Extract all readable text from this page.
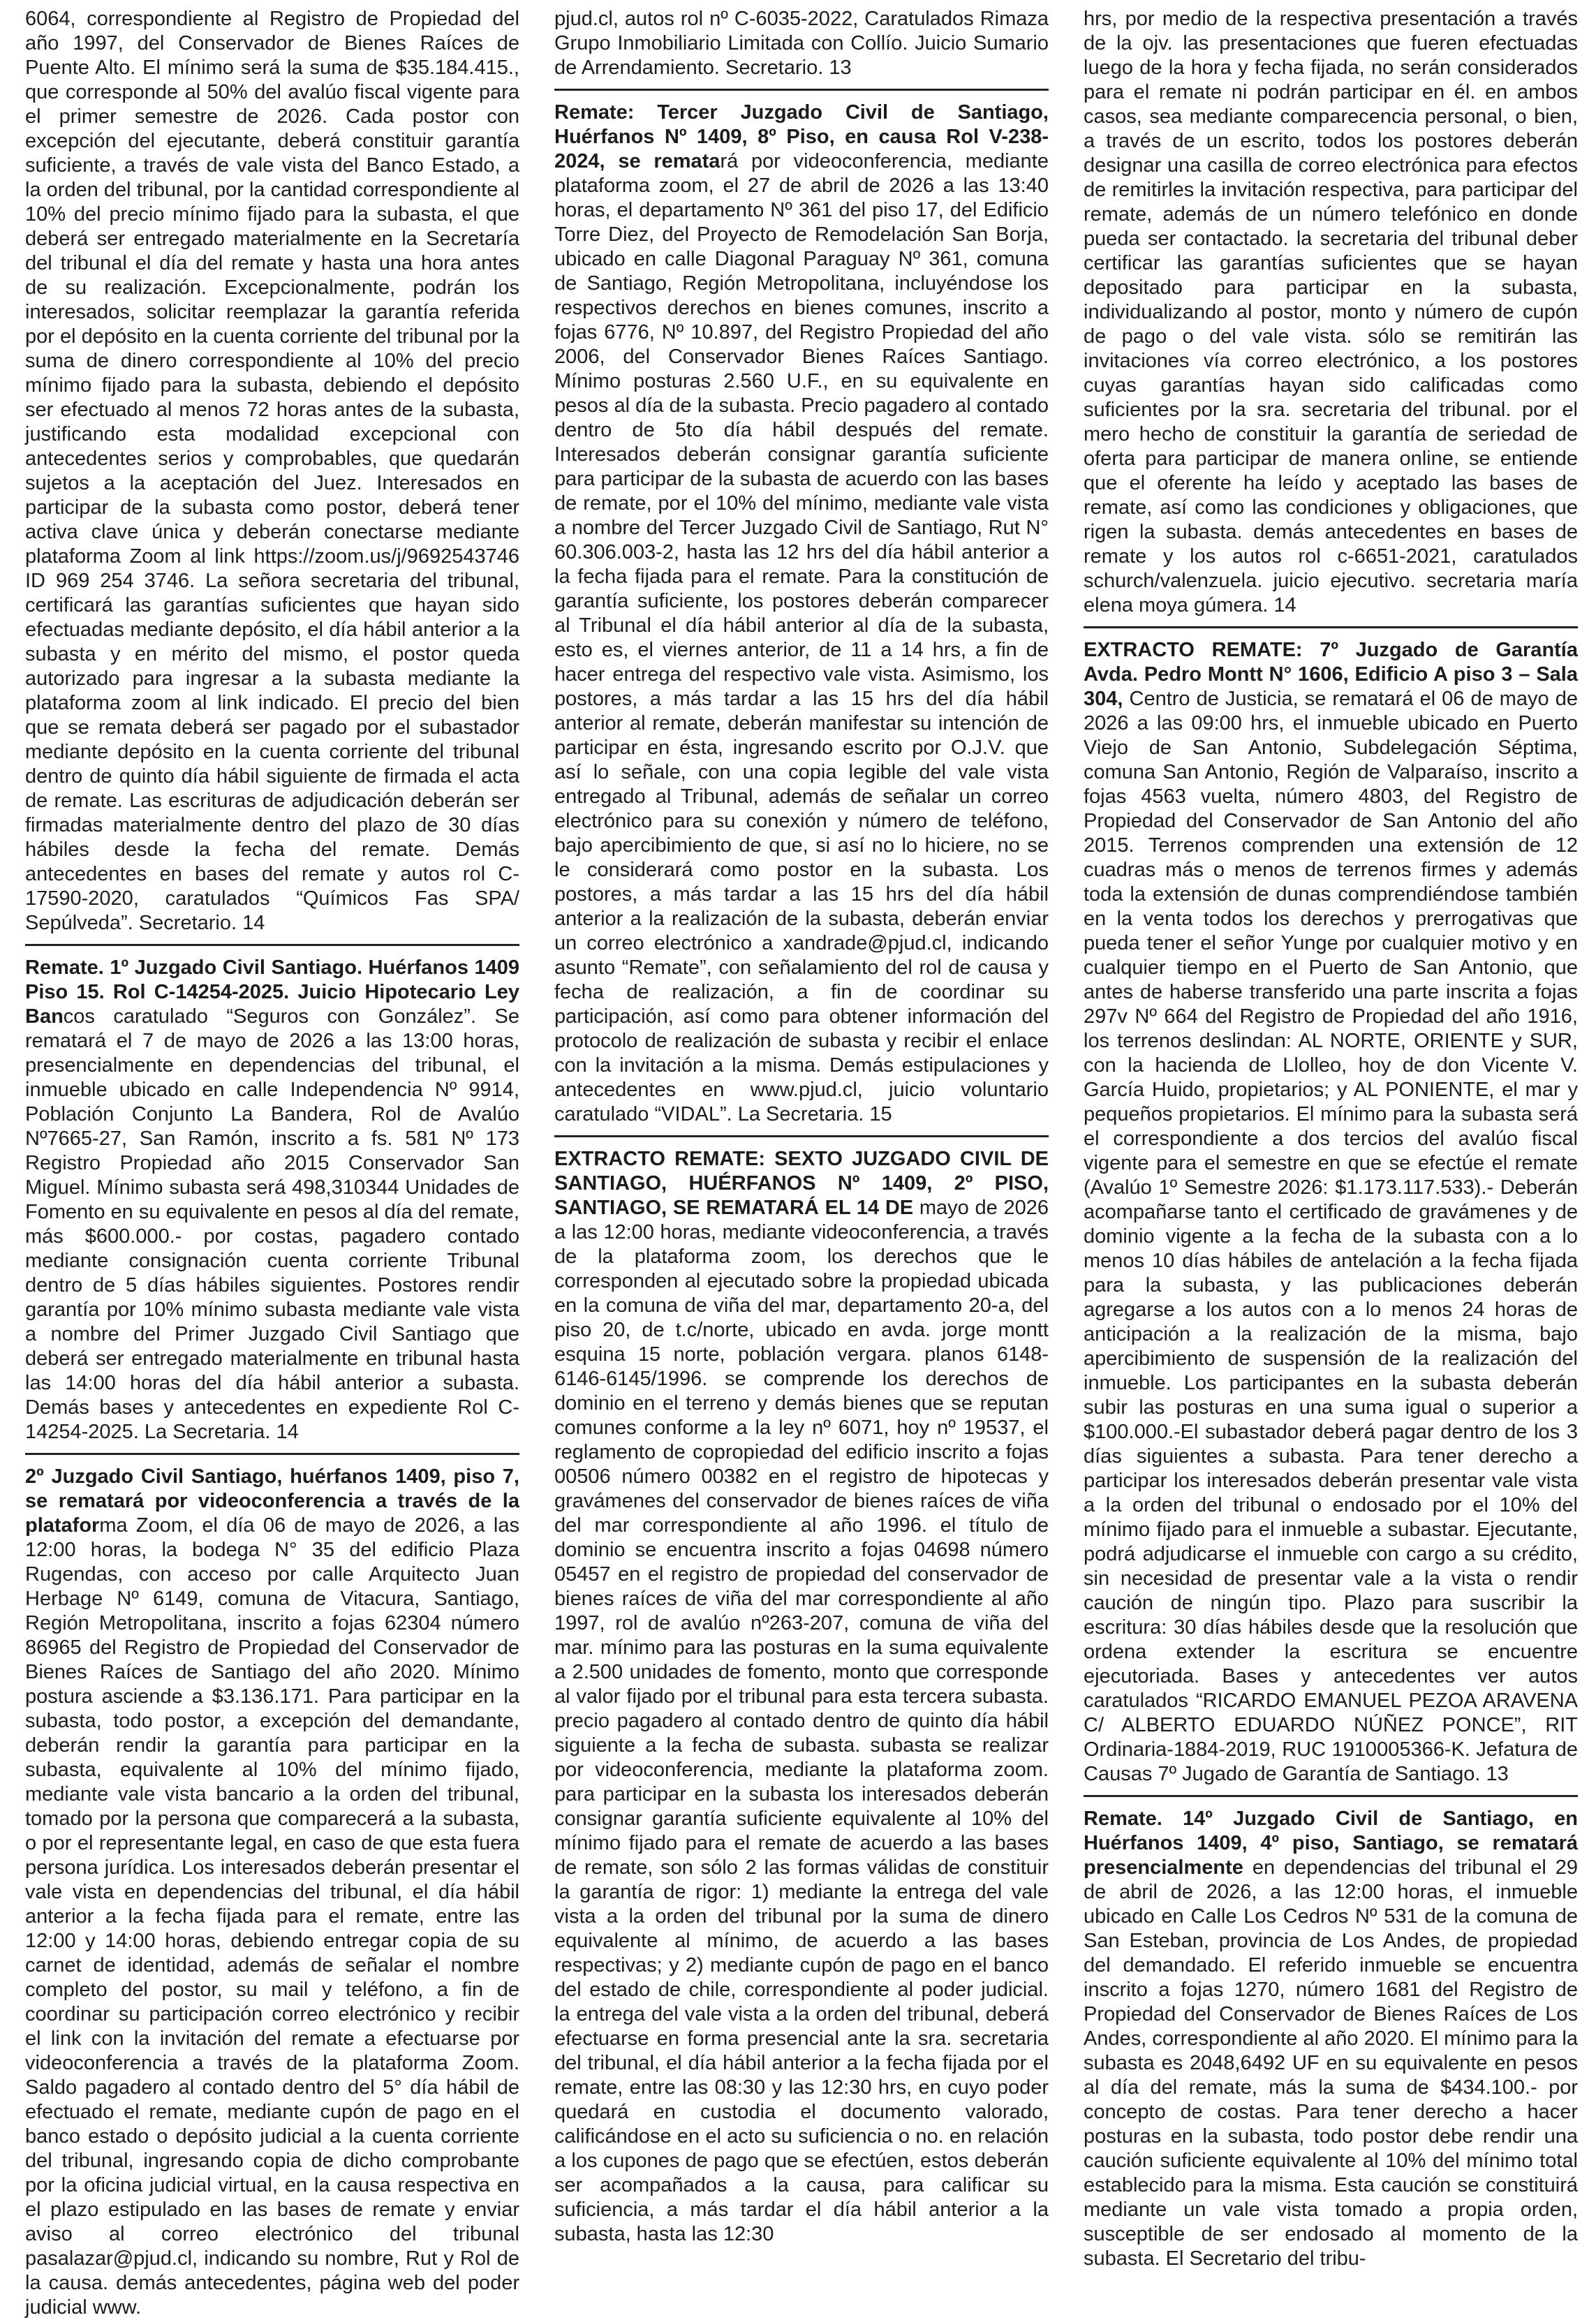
6064, correspondiente al Registro de Propiedad del año 1997, del Conservador de Bienes Raíces de Puente Alto. El mínimo será la suma de $35.184.415., que corresponde al 50% del avalúo fiscal vigente para el primer semestre de 2026. Cada postor con excepción del ejecutante, deberá constituir garantía suficiente, a través de vale vista del Banco Estado, a la orden del tribunal, por la cantidad correspondiente al 10% del precio mínimo fijado para la subasta, el que deberá ser entregado materialmente en la Secretaría del tribunal el día del remate y hasta una hora antes de su realización. Excepcionalmente, podrán los interesados, solicitar reemplazar la garantía referida por el depósito en la cuenta corriente del tribunal por la suma de dinero correspondiente al 10% del precio mínimo fijado para la subasta, debiendo el depósito ser efectuado al menos 72 horas antes de la subasta, justificando esta modalidad excepcional con antecedentes serios y comprobables, que quedarán sujetos a la aceptación del Juez. Interesados en participar de la subasta como postor, deberá tener activa clave única y deberán conectarse mediante plataforma Zoom al link https://zoom.us/j/9692543746 ID 969 254 3746. La señora secretaria del tribunal, certificará las garantías suficientes que hayan sido efectuadas mediante depósito, el día hábil anterior a la subasta y en mérito del mismo, el postor queda autorizado para ingresar a la subasta mediante la plataforma zoom al link indicado. El precio del bien que se remata deberá ser pagado por el subastador mediante depósito en la cuenta corriente del tribunal dentro de quinto día hábil siguiente de firmada el acta de remate. Las escrituras de adjudicación deberán ser firmadas materialmente dentro del plazo de 30 días hábiles desde la fecha del remate. Demás antecedentes en bases del remate y autos rol C-17590-2020, caratulados “Químicos Fas SPA/ Sepúlveda”. Secretario. 14

Remate. 1º Juzgado Civil Santiago. Huérfanos 1409 Piso 15. Rol C-14254-2025. Juicio Hipotecario Ley Bancos caratulado “Seguros con González”. Se rematará el 7 de mayo de 2026 a las 13:00 horas, presencialmente en dependencias del tribunal, el inmueble ubicado en calle Independencia Nº 9914, Población Conjunto La Bandera, Rol de Avalúo Nº7665-27, San Ramón, inscrito a fs. 581 Nº 173 Registro Propiedad año 2015 Conservador San Miguel. Mínimo subasta será 498,310344 Unidades de Fomento en su equivalente en pesos al día del remate, más $600.000.- por costas, pagadero contado mediante consignación cuenta corriente Tribunal dentro de 5 días hábiles siguientes. Postores rendir garantía por 10% mínimo subasta mediante vale vista a nombre del Primer Juzgado Civil Santiago que deberá ser entregado materialmente en tribunal hasta las 14:00 horas del día hábil anterior a subasta. Demás bases y antecedentes en expediente Rol C-14254-2025. La Secretaria. 14

2º Juzgado Civil Santiago, huérfanos 1409, piso 7, se rematará por videoconferencia a través de la plataforma Zoom, el día 06 de mayo de 2026, a las 12:00 horas, la bodega N° 35 del edificio Plaza Rugendas, con acceso por calle Arquitecto Juan Herbage Nº 6149, comuna de Vitacura, Santiago, Región Metropolitana, inscrito a fojas 62304 número 86965 del Registro de Propiedad del Conservador de Bienes Raíces de Santiago del año 2020. Mínimo postura asciende a $3.136.171. Para participar en la subasta, todo postor, a excepción del demandante, deberán rendir la garantía para participar en la subasta, equivalente al 10% del mínimo fijado, mediante vale vista bancario a la orden del tribunal, tomado por la persona que comparecerá a la subasta, o por el representante legal, en caso de que esta fuera persona jurídica. Los interesados deberán presentar el vale vista en dependencias del tribunal, el día hábil anterior a la fecha fijada para el remate, entre las 12:00 y 14:00 horas, debiendo entregar copia de su carnet de identidad, además de señalar el nombre completo del postor, su mail y teléfono, a fin de coordinar su participación correo electrónico y recibir el link con la invitación del remate a efectuarse por videoconferencia a través de la plataforma Zoom. Saldo pagadero al contado dentro del 5° día hábil de efectuado el remate, mediante cupón de pago en el banco estado o depósito judicial a la cuenta corriente del tribunal, ingresando copia de dicho comprobante por la oficina judicial virtual, en la causa respectiva en el plazo estipulado en las bases de remate y enviar aviso al correo electrónico del tribunal pasalazar@pjud.cl, indicando su nombre, Rut y Rol de la causa. demás antecedentes, página web del poder judicial www.

pjud.cl, autos rol nº C-6035-2022, Caratulados Rimaza Grupo Inmobiliario Limitada con Collío. Juicio Sumario de Arrendamiento. Secretario. 13

Remate: Tercer Juzgado Civil de Santiago, Huérfanos Nº 1409, 8º Piso, en causa Rol V-238-2024, se rematará por videoconferencia, mediante plataforma zoom, el 27 de abril de 2026 a las 13:40 horas, el departamento Nº 361 del piso 17, del Edificio Torre Diez, del Proyecto de Remodelación San Borja, ubicado en calle Diagonal Paraguay Nº 361, comuna de Santiago, Región Metropolitana, incluyéndose los respectivos derechos en bienes comunes, inscrito a fojas 6776, Nº 10.897, del Registro Propiedad del año 2006, del Conservador Bienes Raíces Santiago. Mínimo posturas 2.560 U.F., en su equivalente en pesos al día de la subasta. Precio pagadero al contado dentro de 5to día hábil después del remate. Interesados deberán consignar garantía suficiente para participar de la subasta de acuerdo con las bases de remate, por el 10% del mínimo, mediante vale vista a nombre del Tercer Juzgado Civil de Santiago, Rut N° 60.306.003-2, hasta las 12 hrs del día hábil anterior a la fecha fijada para el remate. Para la constitución de garantía suficiente, los postores deberán comparecer al Tribunal el día hábil anterior al día de la subasta, esto es, el viernes anterior, de 11 a 14 hrs, a fin de hacer entrega del respectivo vale vista. Asimismo, los postores, a más tardar a las 15 hrs del día hábil anterior al remate, deberán manifestar su intención de participar en ésta, ingresando escrito por O.J.V. que así lo señale, con una copia legible del vale vista entregado al Tribunal, además de señalar un correo electrónico para su conexión y número de teléfono, bajo apercibimiento de que, si así no lo hiciere, no se le considerará como postor en la subasta. Los postores, a más tardar a las 15 hrs del día hábil anterior a la realización de la subasta, deberán enviar un correo electrónico a xandrade@pjud.cl, indicando asunto “Remate”, con señalamiento del rol de causa y fecha de realización, a fin de coordinar su participación, así como para obtener información del protocolo de realización de subasta y recibir el enlace con la invitación a la misma. Demás estipulaciones y antecedentes en www.pjud.cl, juicio voluntario caratulado “VIDAL”. La Secretaria. 15

EXTRACTO REMATE: SEXTO JUZGADO CIVIL DE SANTIAGO, HUÉRFANOS Nº 1409, 2º PISO, SANTIAGO, SE REMATARÁ EL 14 DE mayo de 2026 a las 12:00 horas, mediante videoconferencia, a través de la plataforma zoom, los derechos que le corresponden al ejecutado sobre la propiedad ubicada en la comuna de viña del mar, departamento 20-a, del piso 20, de t.c/norte, ubicado en avda. jorge montt esquina 15 norte, población vergara. planos 6148-6146-6145/1996. se comprende los derechos de dominio en el terreno y demás bienes que se reputan comunes conforme a la ley nº 6071, hoy nº 19537, el reglamento de copropiedad del edificio inscrito a fojas 00506 número 00382 en el registro de hipotecas y gravámenes del conservador de bienes raíces de viña del mar correspondiente al año 1996. el título de dominio se encuentra inscrito a fojas 04698 número 05457 en el registro de propiedad del conservador de bienes raíces de viña del mar correspondiente al año 1997, rol de avalúo nº263-207, comuna de viña del mar. mínimo para las posturas en la suma equivalente a 2.500 unidades de fomento, monto que corresponde al valor fijado por el tribunal para esta tercera subasta. precio pagadero al contado dentro de quinto día hábil siguiente a la fecha de subasta. subasta se realizar por videoconferencia, mediante la plataforma zoom. para participar en la subasta los interesados deberán consignar garantía suficiente equivalente al 10% del mínimo fijado para el remate de acuerdo a las bases de remate, son sólo 2 las formas válidas de constituir la garantía de rigor: 1) mediante la entrega del vale vista a la orden del tribunal por la suma de dinero equivalente al mínimo, de acuerdo a las bases respectivas; y 2) mediante cupón de pago en el banco del estado de chile, correspondiente al poder judicial. la entrega del vale vista a la orden del tribunal, deberá efectuarse en forma presencial ante la sra. secretaria del tribunal, el día hábil anterior a la fecha fijada por el remate, entre las 08:30 y las 12:30 hrs, en cuyo poder quedará en custodia el documento valorado, calificándose en el acto su suficiencia o no. en relación a los cupones de pago que se efectúen, estos deberán ser acompañados a la causa, para calificar su suficiencia, a más tardar el día hábil anterior a la subasta, hasta las 12:30

hrs, por medio de la respectiva presentación a través de la ojv. las presentaciones que fueren efectuadas luego de la hora y fecha fijada, no serán considerados para el remate ni podrán participar en él. en ambos casos, sea mediante comparecencia personal, o bien, a través de un escrito, todos los postores deberán designar una casilla de correo electrónica para efectos de remitirles la invitación respectiva, para participar del remate, además de un número telefónico en donde pueda ser contactado. la secretaria del tribunal deber certificar las garantías suficientes que se hayan depositado para participar en la subasta, individualizando al postor, monto y número de cupón de pago o del vale vista. sólo se remitirán las invitaciones vía correo electrónico, a los postores cuyas garantías hayan sido calificadas como suficientes por la sra. secretaria del tribunal. por el mero hecho de constituir la garantía de seriedad de oferta para participar de manera online, se entiende que el oferente ha leído y aceptado las bases de remate, así como las condiciones y obligaciones, que rigen la subasta. demás antecedentes en bases de remate y los autos rol c-6651-2021, caratulados schurch/valenzuela. juicio ejecutivo. secretaria maría elena moya gúmera. 14

EXTRACTO REMATE: 7º Juzgado de Garantía Avda. Pedro Montt N° 1606, Edificio A piso 3 – Sala 304, Centro de Justicia, se rematará el 06 de mayo de 2026 a las 09:00 hrs, el inmueble ubicado en Puerto Viejo de San Antonio, Subdelegación Séptima, comuna San Antonio, Región de Valparaíso, inscrito a fojas 4563 vuelta, número 4803, del Registro de Propiedad del Conservador de San Antonio del año 2015. Terrenos comprenden una extensión de 12 cuadras más o menos de terrenos firmes y además toda la extensión de dunas comprendiéndose también en la venta todos los derechos y prerrogativas que pueda tener el señor Yunge por cualquier motivo y en cualquier tiempo en el Puerto de San Antonio, que antes de haberse transferido una parte inscrita a fojas 297v Nº 664 del Registro de Propiedad del año 1916, los terrenos deslindan: AL NORTE, ORIENTE y SUR, con la hacienda de Llolleo, hoy de don Vicente V. García Huido, propietarios; y AL PONIENTE, el mar y pequeños propietarios. El mínimo para la subasta será el correspondiente a dos tercios del avalúo fiscal vigente para el semestre en que se efectúe el remate (Avalúo 1º Semestre 2026: $1.173.117.533).- Deberán acompañarse tanto el certificado de gravámenes y de dominio vigente a la fecha de la subasta con a lo menos 10 días hábiles de antelación a la fecha fijada para la subasta, y las publicaciones deberán agregarse a los autos con a lo menos 24 horas de anticipación a la realización de la misma, bajo apercibimiento de suspensión de la realización del inmueble. Los participantes en la subasta deberán subir las posturas en una suma igual o superior a $100.000.-El subastador deberá pagar dentro de los 3 días siguientes a subasta. Para tener derecho a participar los interesados deberán presentar vale vista a la orden del tribunal o endosado por el 10% del mínimo fijado para el inmueble a subastar. Ejecutante, podrá adjudicarse el inmueble con cargo a su crédito, sin necesidad de presentar vale a la vista o rendir caución de ningún tipo. Plazo para suscribir la escritura: 30 días hábiles desde que la resolución que ordena extender la escritura se encuentre ejecutoriada. Bases y antecedentes ver autos caratulados “RICARDO EMANUEL PEZOA ARAVENA C/ ALBERTO EDUARDO NÚÑEZ PONCE”, RIT Ordinaria-1884-2019, RUC 1910005366-K. Jefatura de Causas 7º Jugado de Garantía de Santiago. 13

Remate. 14º Juzgado Civil de Santiago, en Huérfanos 1409, 4º piso, Santiago, se rematará presencialmente en dependencias del tribunal el 29 de abril de 2026, a las 12:00 horas, el inmueble ubicado en Calle Los Cedros Nº 531 de la comuna de San Esteban, provincia de Los Andes, de propiedad del demandado. El referido inmueble se encuentra inscrito a fojas 1270, número 1681 del Registro de Propiedad del Conservador de Bienes Raíces de Los Andes, correspondiente al año 2020. El mínimo para la subasta es 2048,6492 UF en su equivalente en pesos al día del remate, más la suma de $434.100.- por concepto de costas. Para tener derecho a hacer posturas en la subasta, todo postor debe rendir una caución suficiente equivalente al 10% del mínimo total establecido para la misma. Esta caución se constituirá mediante un vale vista tomado a propia orden, susceptible de ser endosado al momento de la subasta. El Secretario del tribu-
